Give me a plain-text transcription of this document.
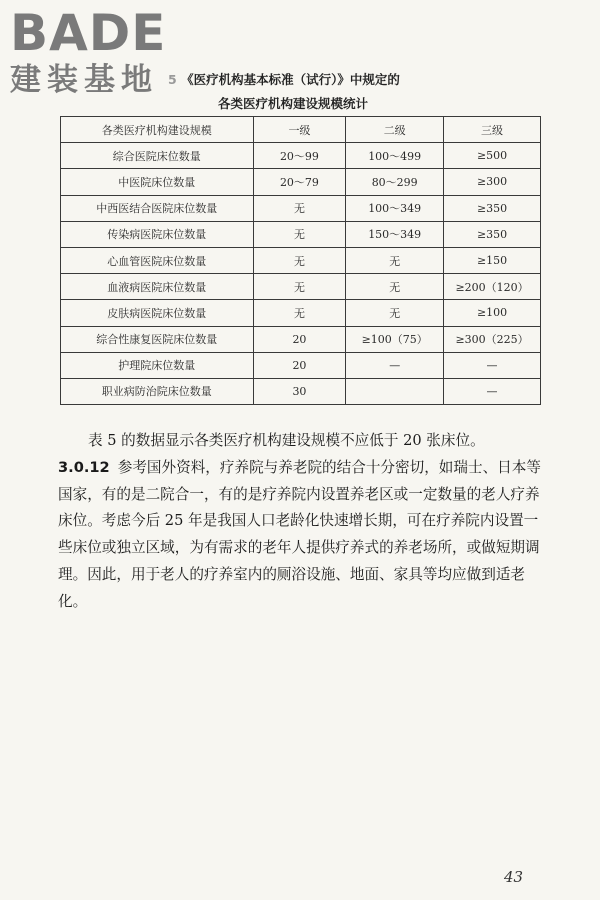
BADE
建装基地 5 《医疗机构基本标准（试行）》中规定的
各类医疗机构建设规模统计
各类医疗机构建设规模	一级	二级	三级
综合医院床位数量	20～99	100～499	≥500
中医院床位数量	20～79	80～299	≥300
中西医结合医院床位数量	无	100～349	≥350
传染病医院床位数量	无	150～349	≥350
心血管医院床位数量	无	无	≥150
血液病医院床位数量	无	无	≥200（120）
皮肤病医院床位数量	无	无	≥100
综合性康复医院床位数量	20	≥100（75）	≥300（225）
护理院床位数量	20	—	—
职业病防治院床位数量	30		—

表 5 的数据显示各类医疗机构建设规模不应低于 20 张床位。

3.0.12 参考国外资料，疗养院与养老院的结合十分密切，如瑞士、日本等国家，有的是二院合一，有的是疗养院内设置养老区或一定数量的老人疗养床位。考虑今后 25 年是我国人口老龄化快速增长期，可在疗养院内设置一些床位或独立区域，为有需求的老年人提供疗养式的养老场所，或做短期调理。因此，用于老人的疗养室内的厕浴设施、地面、家具等均应做到适老化。

43
